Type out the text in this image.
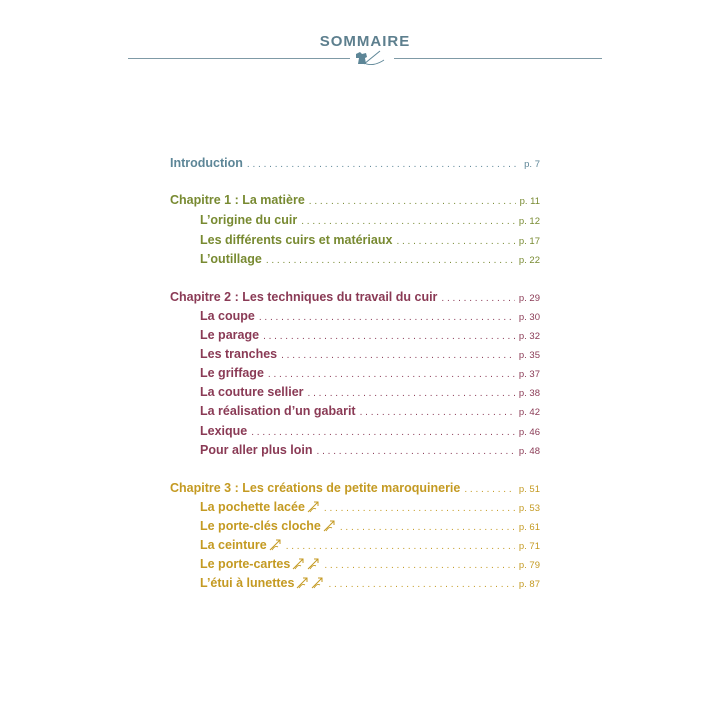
SOMMAIRE
Introduction . . .	p. 7
Chapitre 1 : La matière . . .	p. 11
L’origine du cuir . . .	p. 12
Les différents cuirs et matériaux . . .	p. 17
L’outillage . . .	p. 22
Chapitre 2 : Les techniques du travail du cuir . . .	p. 29
La coupe . . .	p. 30
Le parage . . .	p. 32
Les tranches . . .	p. 35
Le griffage . . .	p. 37
La couture sellier . . .	p. 38
La réalisation d’un gabarit . . .	p. 42
Lexique . . .	p. 46
Pour aller plus loin . . .	p. 48
Chapitre 3 : Les créations de petite maroquinerie . . .	p. 51
La pochette lacée . . .	p. 53
Le porte-clés cloche . . .	p. 61
La ceinture . . .	p. 71
Le porte-cartes . . .	p. 79
L’étui à lunettes . . .	p. 87
